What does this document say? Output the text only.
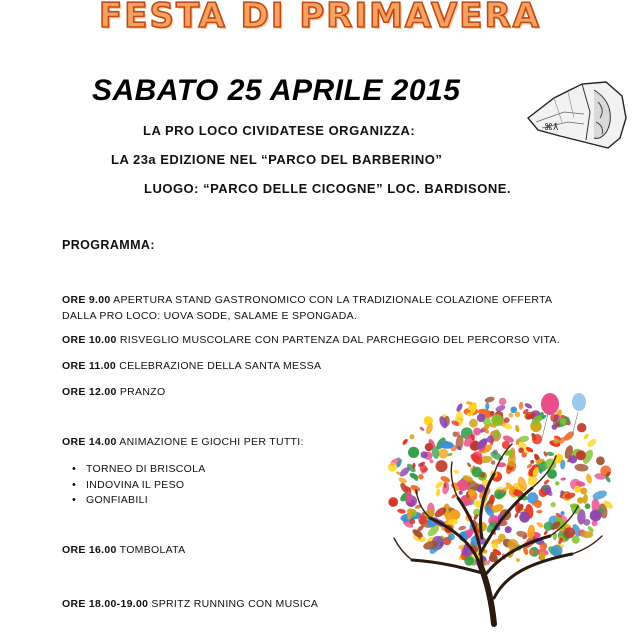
FESTA DI PRIMAVERA
SABATO 25 APRILE 2015
LA PRO LOCO CIVIDATESE ORGANIZZA:
LA 23a EDIZIONE NEL “PARCO DEL BARBERINO”
LUOGO: “PARCO DELLE CICOGNE” LOC. BARDISONE.
⌘ƛ
PROGRAMMA:
ORE 9.00 APERTURA STAND GASTRONOMICO CON LA TRADIZIONALE COLAZIONE OFFERTA
DALLA PRO LOCO: UOVA SODE, SALAME E SPONGADA.
ORE 10.00 RISVEGLIO MUSCOLARE CON PARTENZA DAL PARCHEGGIO DEL PERCORSO VITA.
ORE 11.00 CELEBRAZIONE DELLA SANTA MESSA
ORE 12.00 PRANZO
ORE 14.00 ANIMAZIONE E GIOCHI PER TUTTI:
• TORNEO DI BRISCOLA
• INDOVINA IL PESO
• GONFIABILI
ORE 16.00 TOMBOLATA
ORE 18.00-19.00 SPRITZ RUNNING CON MUSICA
